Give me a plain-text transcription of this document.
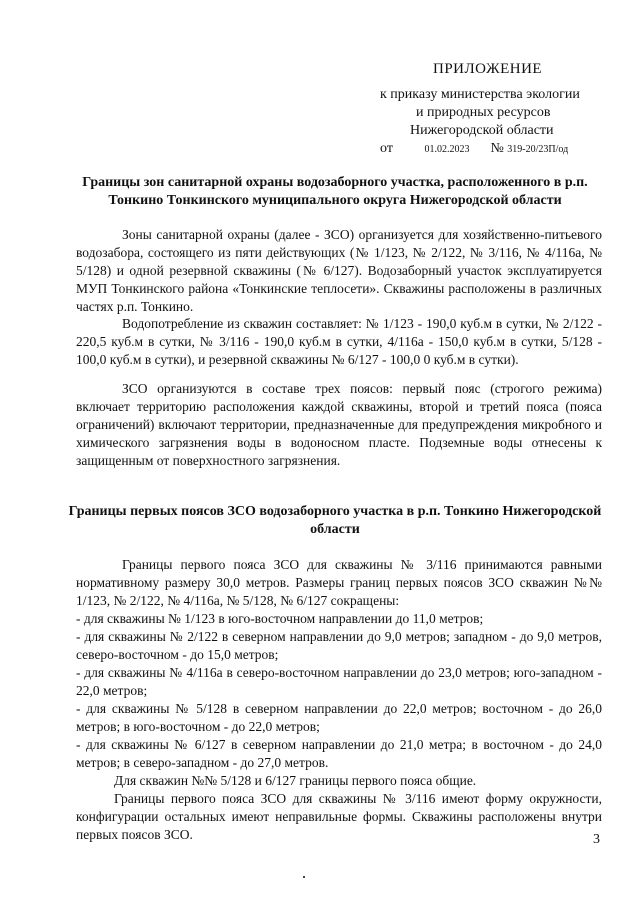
ПРИЛОЖЕНИЕ
к приказу министерства экологии
и природных ресурсов
Нижегородской области
от	01.02.2023 № 319-20/23П/од
Границы зон санитарной охраны водозаборного участка, расположенного в р.п. Тонкино Тонкинского муниципального округа Нижегородской области
Зоны санитарной охраны (далее - ЗСО) организуется для хозяйственно-питьевого водозабора, состоящего из пяти действующих (№ 1/123, № 2/122, № 3/116, № 4/116а, № 5/128) и одной резервной скважины (№ 6/127). Водозаборный участок эксплуатируется МУП Тонкинского района «Тонкинские теплосети». Скважины расположены в различных частях р.п. Тонкино.
Водопотребление из скважин составляет: № 1/123 - 190,0 куб.м в сутки, № 2/122 - 220,5 куб.м в сутки, № 3/116 - 190,0 куб.м в сутки, 4/116а - 150,0 куб.м в сутки, 5/128 - 100,0 куб.м в сутки), и резервной скважины № 6/127 - 100,0 0 куб.м в сутки).
ЗСО организуются в составе трех поясов: первый пояс (строгого режима) включает территорию расположения каждой скважины, второй и третий пояса (пояса ограничений) включают территории, предназначенные для предупреждения микробного и химического загрязнения воды в водоносном пласте. Подземные воды отнесены к защищенным от поверхностного загрязнения.
Границы первых поясов ЗСО водозаборного участка в р.п. Тонкино Нижегородской области
Границы первого пояса ЗСО для скважины № 3/116 принимаются равными нормативному размеру 30,0 метров. Размеры границ первых поясов ЗСО скважин №№ 1/123, № 2/122, № 4/116а, № 5/128, № 6/127 сокращены:
- для скважины № 1/123 в юго-восточном направлении до 11,0 метров;
- для скважины № 2/122 в северном направлении до 9,0 метров; западном - до 9,0 метров, северо-восточном - до 15,0 метров;
- для скважины № 4/116а в северо-восточном направлении до 23,0 метров; юго-западном - 22,0 метров;
- для скважины № 5/128 в северном направлении до 22,0 метров; восточном - до 26,0 метров; в юго-восточном - до 22,0 метров;
- для скважины № 6/127 в северном направлении до 21,0 метра; в восточном - до 24,0 метров; в северо-западном - до 27,0 метров.
Для скважин №№ 5/128 и 6/127 границы первого пояса общие.
Границы первого пояса ЗСО для скважины № 3/116 имеют форму окружности, конфигурации остальных имеют неправильные формы. Скважины расположены внутри первых поясов ЗСО.	3
